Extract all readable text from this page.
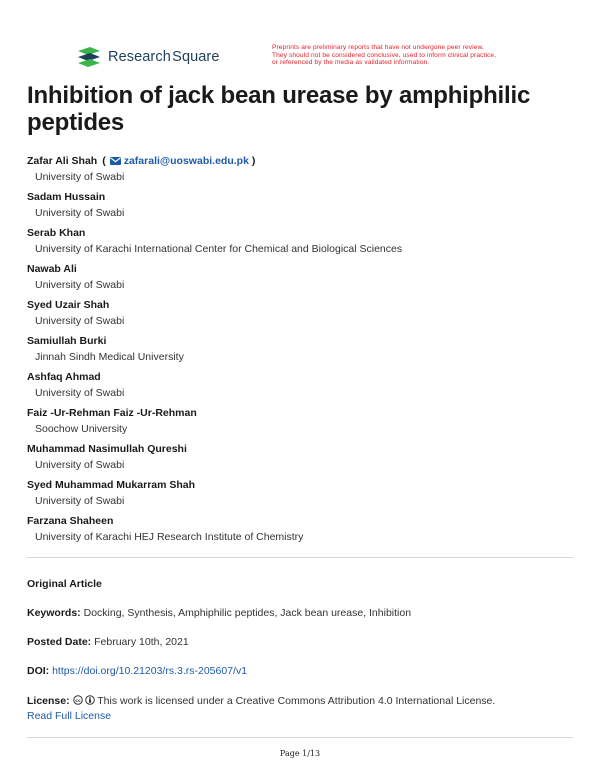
Research Square
Preprints are preliminary reports that have not undergone peer review.
They should not be considered conclusive, used to inform clinical practice,
or referenced by the media as validated information.
Inhibition of jack bean urease by amphiphilic peptides
Zafar Ali Shah ( zafarali@uoswabi.edu.pk )
University of Swabi
Sadam Hussain
University of Swabi
Serab Khan
University of Karachi International Center for Chemical and Biological Sciences
Nawab Ali
University of Swabi
Syed Uzair Shah
University of Swabi
Samiullah Burki
Jinnah Sindh Medical University
Ashfaq Ahmad
University of Swabi
Faiz -Ur-Rehman Faiz -Ur-Rehman
Soochow University
Muhammad Nasimullah Qureshi
University of Swabi
Syed Muhammad Mukarram Shah
University of Swabi
Farzana Shaheen
University of Karachi HEJ Research Institute of Chemistry
Original Article
Keywords: Docking, Synthesis, Amphiphilic peptides, Jack bean urease, Inhibition
Posted Date: February 10th, 2021
DOI: https://doi.org/10.21203/rs.3.rs-205607/v1
License: cc This work is licensed under a Creative Commons Attribution 4.0 International License.
Read Full License
Page 1/13
